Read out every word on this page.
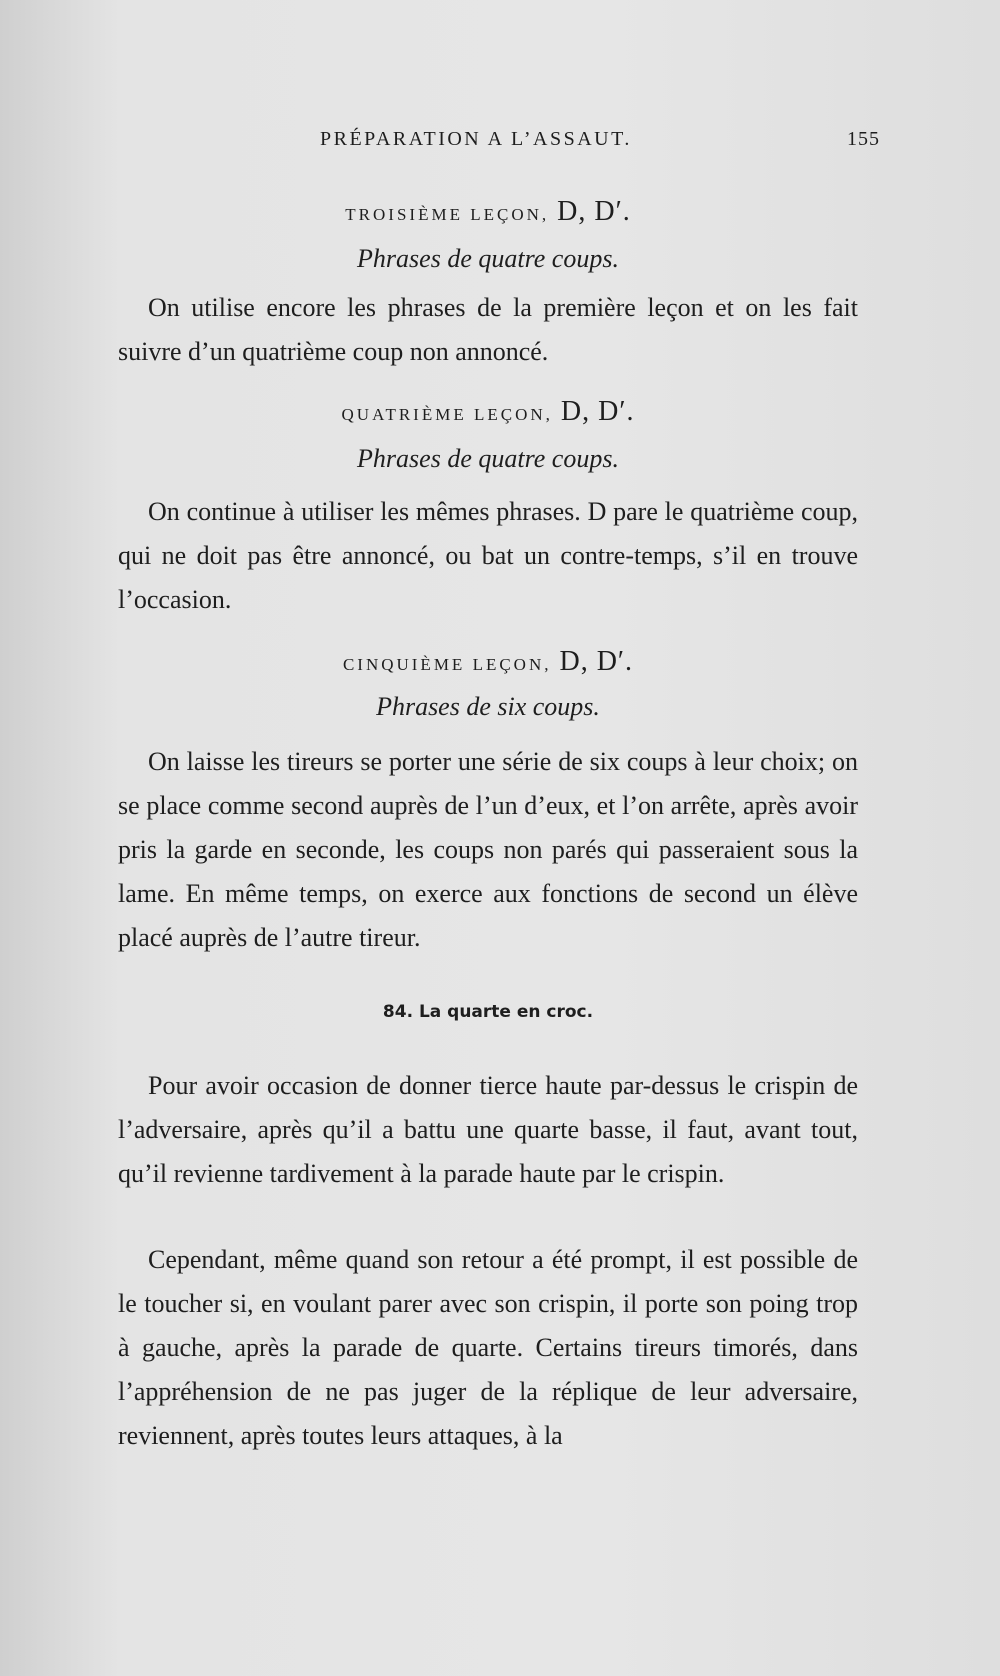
PRÉPARATION A L’ASSAUT.	155
TROISIÈME LEÇON, D, D′.
Phrases de quatre coups.
On utilise encore les phrases de la première leçon et on les fait suivre d’un quatrième coup non annoncé.
QUATRIÈME LEÇON, D, D′.
Phrases de quatre coups.
On continue à utiliser les mêmes phrases. D pare le quatrième coup, qui ne doit pas être annoncé, ou bat un contre-temps, s’il en trouve l’occasion.
CINQUIÈME LEÇON, D, D′.
Phrases de six coups.
On laisse les tireurs se porter une série de six coups à leur choix; on se place comme second auprès de l’un d’eux, et l’on arrête, après avoir pris la garde en seconde, les coups non parés qui passeraient sous la lame. En même temps, on exerce aux fonctions de second un élève placé auprès de l’autre tireur.
84. La quarte en croc.
Pour avoir occasion de donner tierce haute par-dessus le crispin de l’adversaire, après qu’il a battu une quarte basse, il faut, avant tout, qu’il revienne tardivement à la parade haute par le crispin.
Cependant, même quand son retour a été prompt, il est possible de le toucher si, en voulant parer avec son crispin, il porte son poing trop à gauche, après la parade de quarte. Certains tireurs timorés, dans l’appréhension de ne pas juger de la réplique de leur adversaire, reviennent, après toutes leurs attaques, à la
